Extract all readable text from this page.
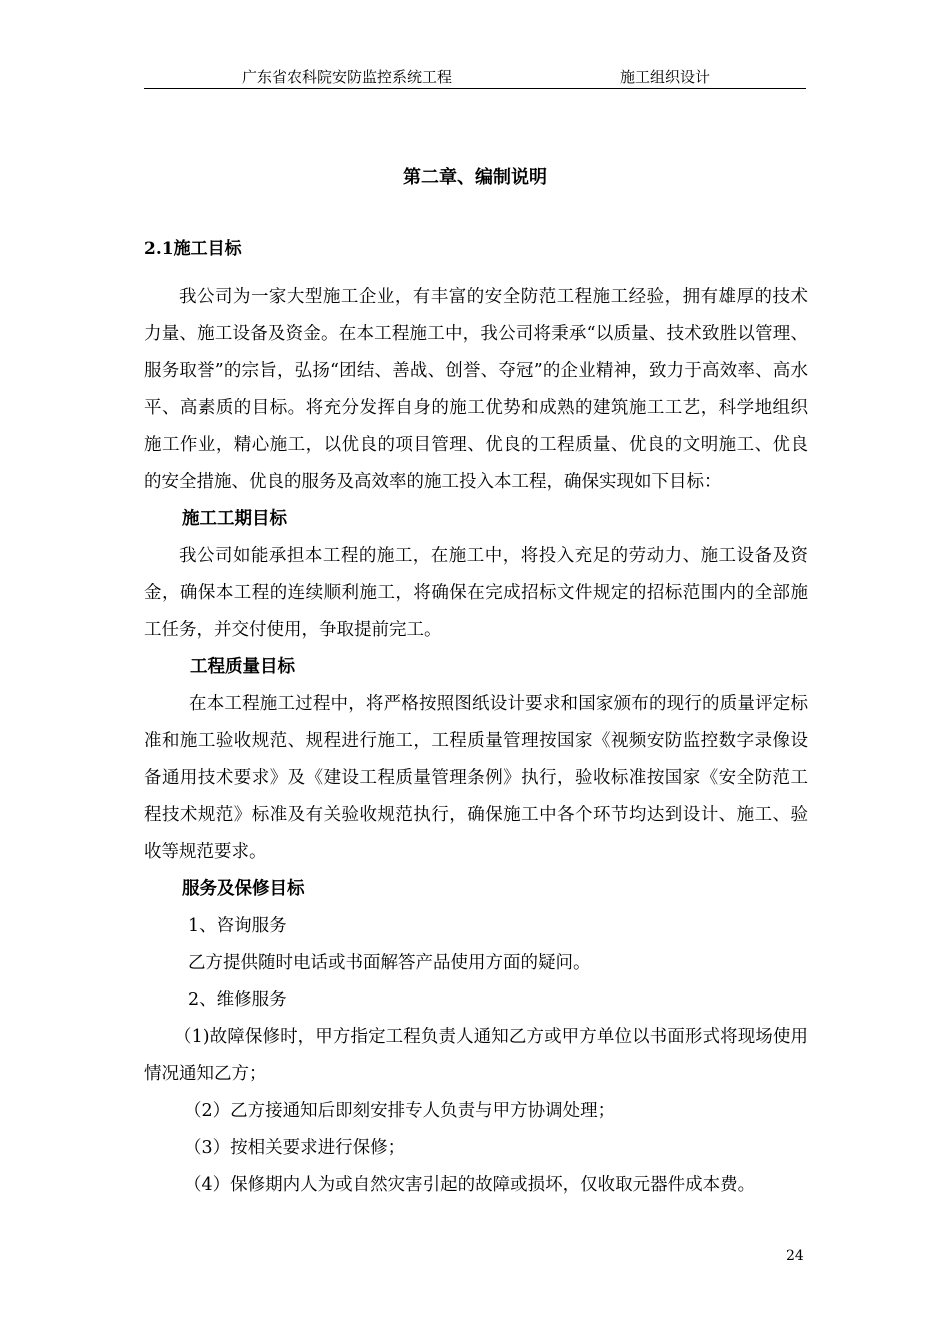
广东省农科院安防监控系统工程	施工组织设计
第二章、编制说明
2.1施工目标

我公司为一家大型施工企业，有丰富的安全防范工程施工经验，拥有雄厚的技术力量、施工设备及资金。在本工程施工中，我公司将秉承“以质量、技术致胜以管理、服务取誉”的宗旨，弘扬“团结、善战、创誉、夺冠”的企业精神，致力于高效率、高水平、高素质的目标。将充分发挥自身的施工优势和成熟的建筑施工工艺，科学地组织施工作业，精心施工，以优良的项目管理、优良的工程质量、优良的文明施工、优良的安全措施、优良的服务及高效率的施工投入本工程，确保实现如下目标：

施工工期目标

我公司如能承担本工程的施工，在施工中，将投入充足的劳动力、施工设备及资金，确保本工程的连续顺利施工，将确保在完成招标文件规定的招标范围内的全部施工任务，并交付使用，争取提前完工。

工程质量目标

在本工程施工过程中，将严格按照图纸设计要求和国家颁布的现行的质量评定标准和施工验收规范、规程进行施工，工程质量管理按国家《视频安防监控数字录像设备通用技术要求》及《建设工程质量管理条例》执行，验收标准按国家《安全防范工程技术规范》标准及有关验收规范执行，确保施工中各个环节均达到设计、施工、验收等规范要求。

服务及保修目标

1、咨询服务

乙方提供随时电话或书面解答产品使用方面的疑问。

2、维修服务

（1)故障保修时，甲方指定工程负责人通知乙方或甲方单位以书面形式将现场使用情况通知乙方；

（2）乙方接通知后即刻安排专人负责与甲方协调处理；

（3）按相关要求进行保修；

（4）保修期内人为或自然灾害引起的故障或损坏，仅收取元器件成本费。

24
